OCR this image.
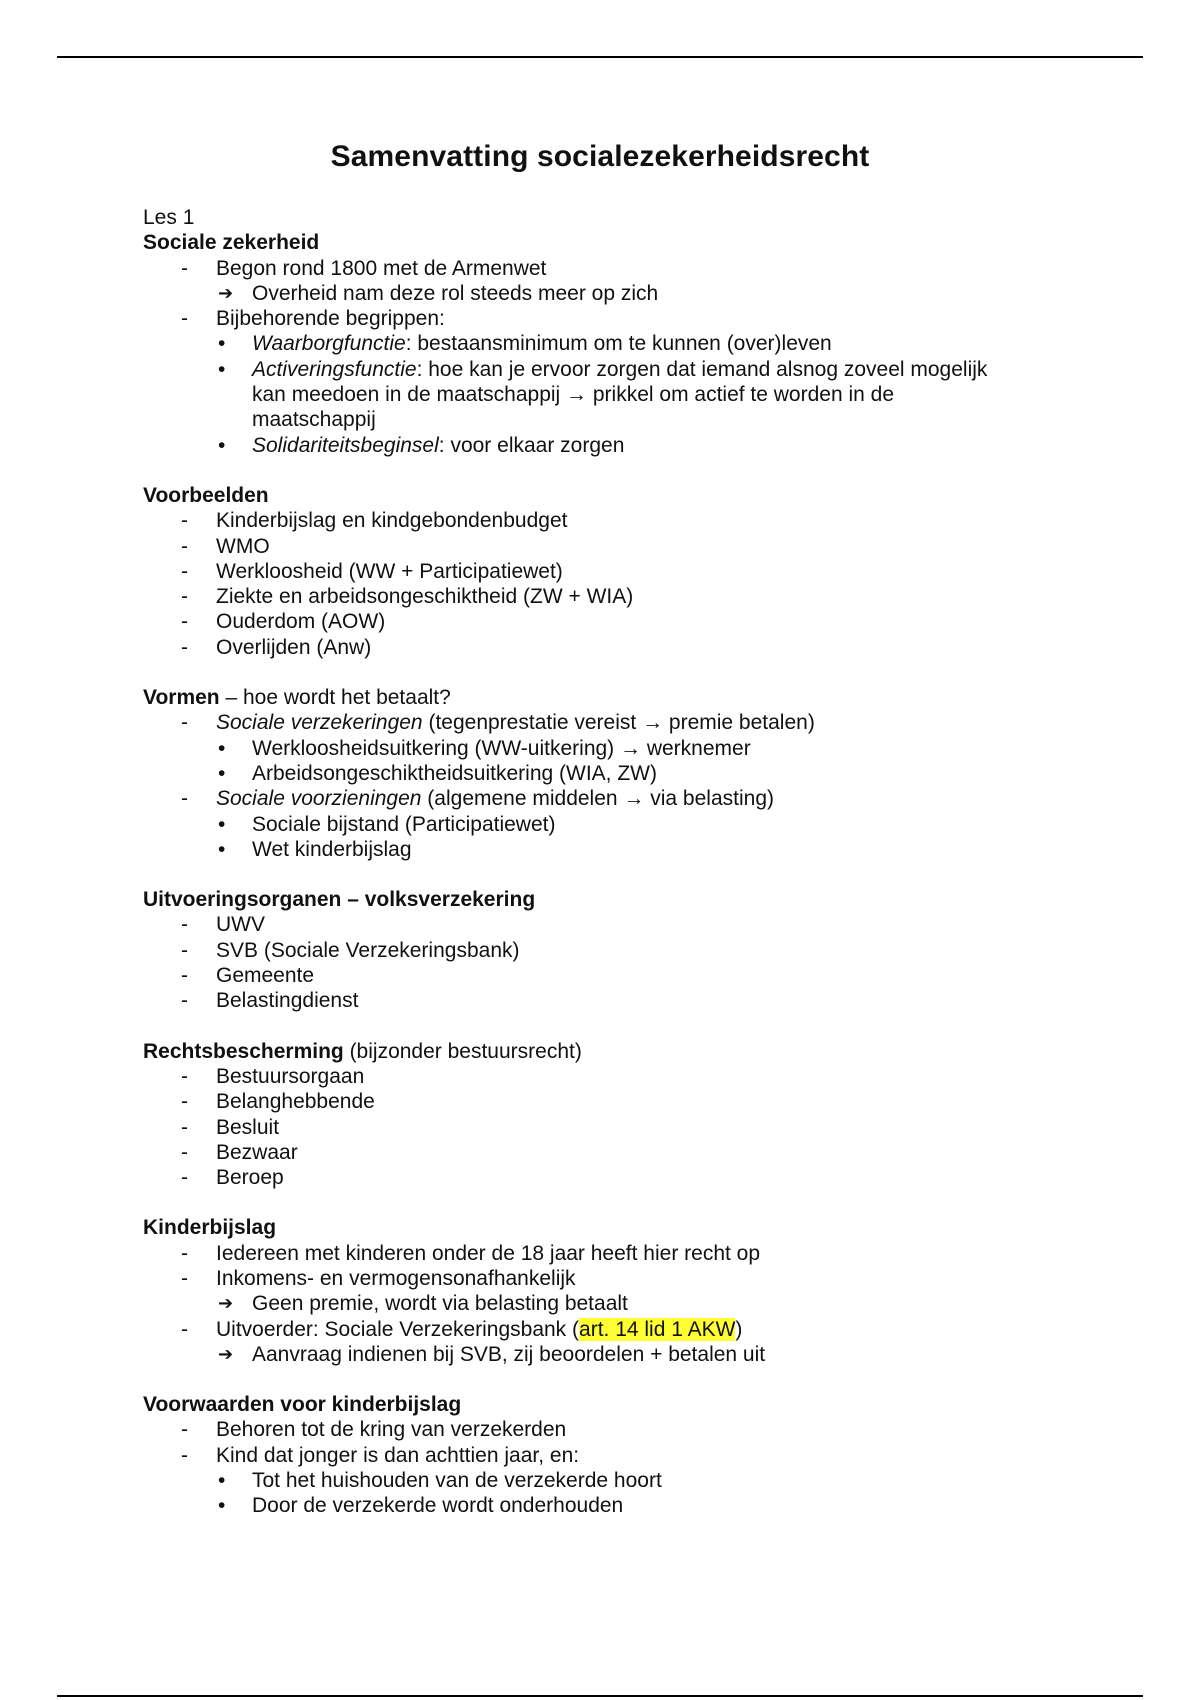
Samenvatting socialezekerheidsrecht
Les 1
Sociale zekerheid
-	Begon rond 1800 met de Armenwet
➔ Overheid nam deze rol steeds meer op zich
-	Bijbehorende begrippen:
• Waarborgfunctie: bestaansminimum om te kunnen (over)leven
• Activeringsfunctie: hoe kan je ervoor zorgen dat iemand alsnog zoveel mogelijk
kan meedoen in de maatschappij → prikkel om actief te worden in de
maatschappij
• Solidariteitsbeginsel: voor elkaar zorgen
Voorbeelden
-	Kinderbijslag en kindgebondenbudget
-	WMO
-	Werkloosheid (WW + Participatiewet)
-	Ziekte en arbeidsongeschiktheid (ZW + WIA)
-	Ouderdom (AOW)
-	Overlijden (Anw)
Vormen – hoe wordt het betaalt?
-	Sociale verzekeringen (tegenprestatie vereist → premie betalen)
• Werkloosheidsuitkering (WW-uitkering) → werknemer
• Arbeidsongeschiktheidsuitkering (WIA, ZW)
-	Sociale voorzieningen (algemene middelen → via belasting)
• Sociale bijstand (Participatiewet)
• Wet kinderbijslag
Uitvoeringsorganen – volksverzekering
-	UWV
-	SVB (Sociale Verzekeringsbank)
-	Gemeente
-	Belastingdienst
Rechtsbescherming (bijzonder bestuursrecht)
-	Bestuursorgaan
-	Belanghebbende
-	Besluit
-	Bezwaar
-	Beroep
Kinderbijslag
-	Iedereen met kinderen onder de 18 jaar heeft hier recht op
-	Inkomens- en vermogensonafhankelijk
➔ Geen premie, wordt via belasting betaalt
-	Uitvoerder: Sociale Verzekeringsbank (art. 14 lid 1 AKW)
➔ Aanvraag indienen bij SVB, zij beoordelen + betalen uit
Voorwaarden voor kinderbijslag
-	Behoren tot de kring van verzekerden
-	Kind dat jonger is dan achttien jaar, en:
• Tot het huishouden van de verzekerde hoort
• Door de verzekerde wordt onderhouden
